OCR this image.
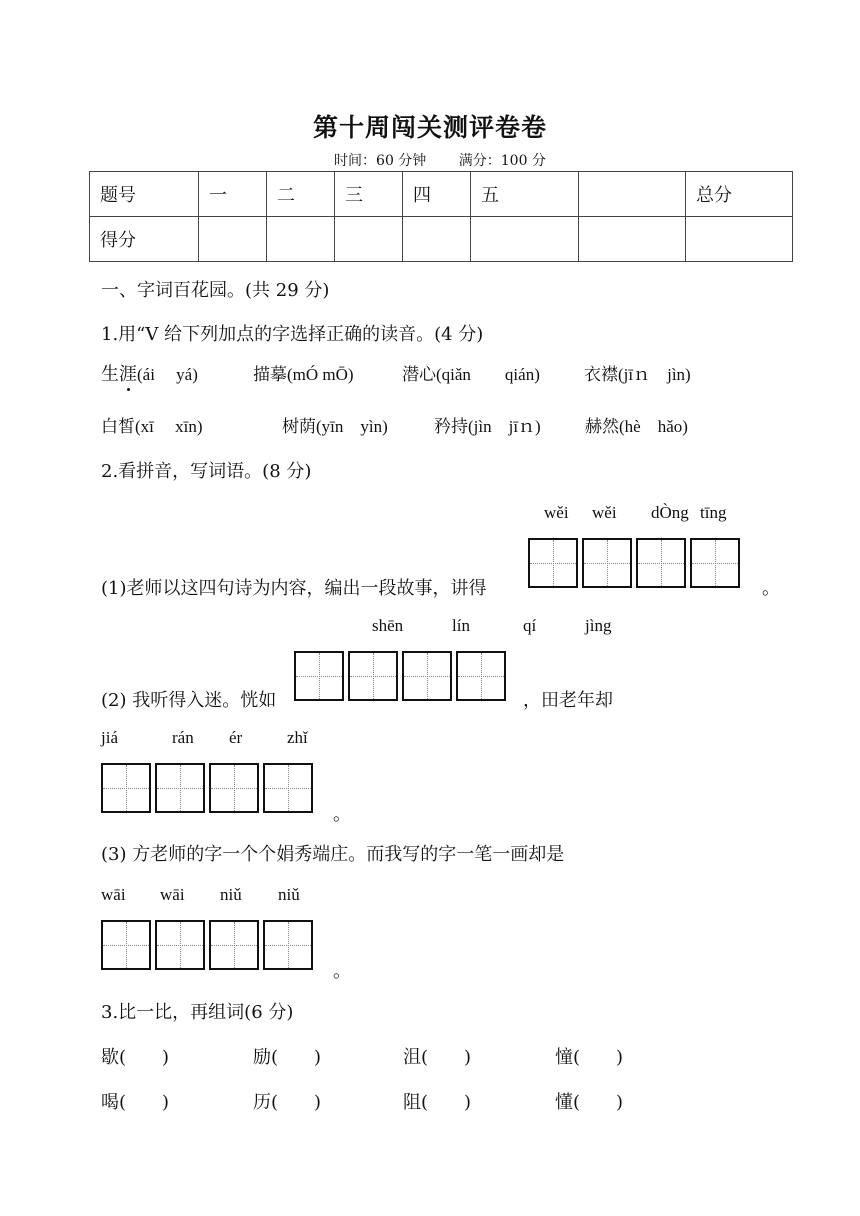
第十周闯关测评卷卷
时间：60 分钟 满分：100 分
题号	一	二	三	四	五		总分
得分							
一、字词百花园。(共 29 分)
1.用“V 给下列加点的字选择正确的读音。(4 分)
生涯(ái　 yá)	描摹(mÓ mŌ)	潜心(qiǎn　　qián)	衣襟(jīｎ　jìn)
白皙(xī　 xīn)	树荫(yīn　yìn)	矜持(jìn　jīｎ)	赫然(hè　hǎo)
2.看拼音，写词语。(8 分)
wěi wěi dÒng tīng
(1)老师以这四句诗为内容，编出一段故事，讲得	。
shēn	lín	qí	jìng
(2) 我听得入迷。恍如	，田老年却
jiá	rán ér	zhǐ
。
(3) 方老师的字一个个娟秀端庄。而我写的字一笔一画却是
wāi wāi niǔ niǔ
。
3.比一比，再组词(6 分)
歇(　　)	励(　　)	沮(　　)	憧(　　)
喝(　　)	历(　　)	阻(　　)	懂(　　)
